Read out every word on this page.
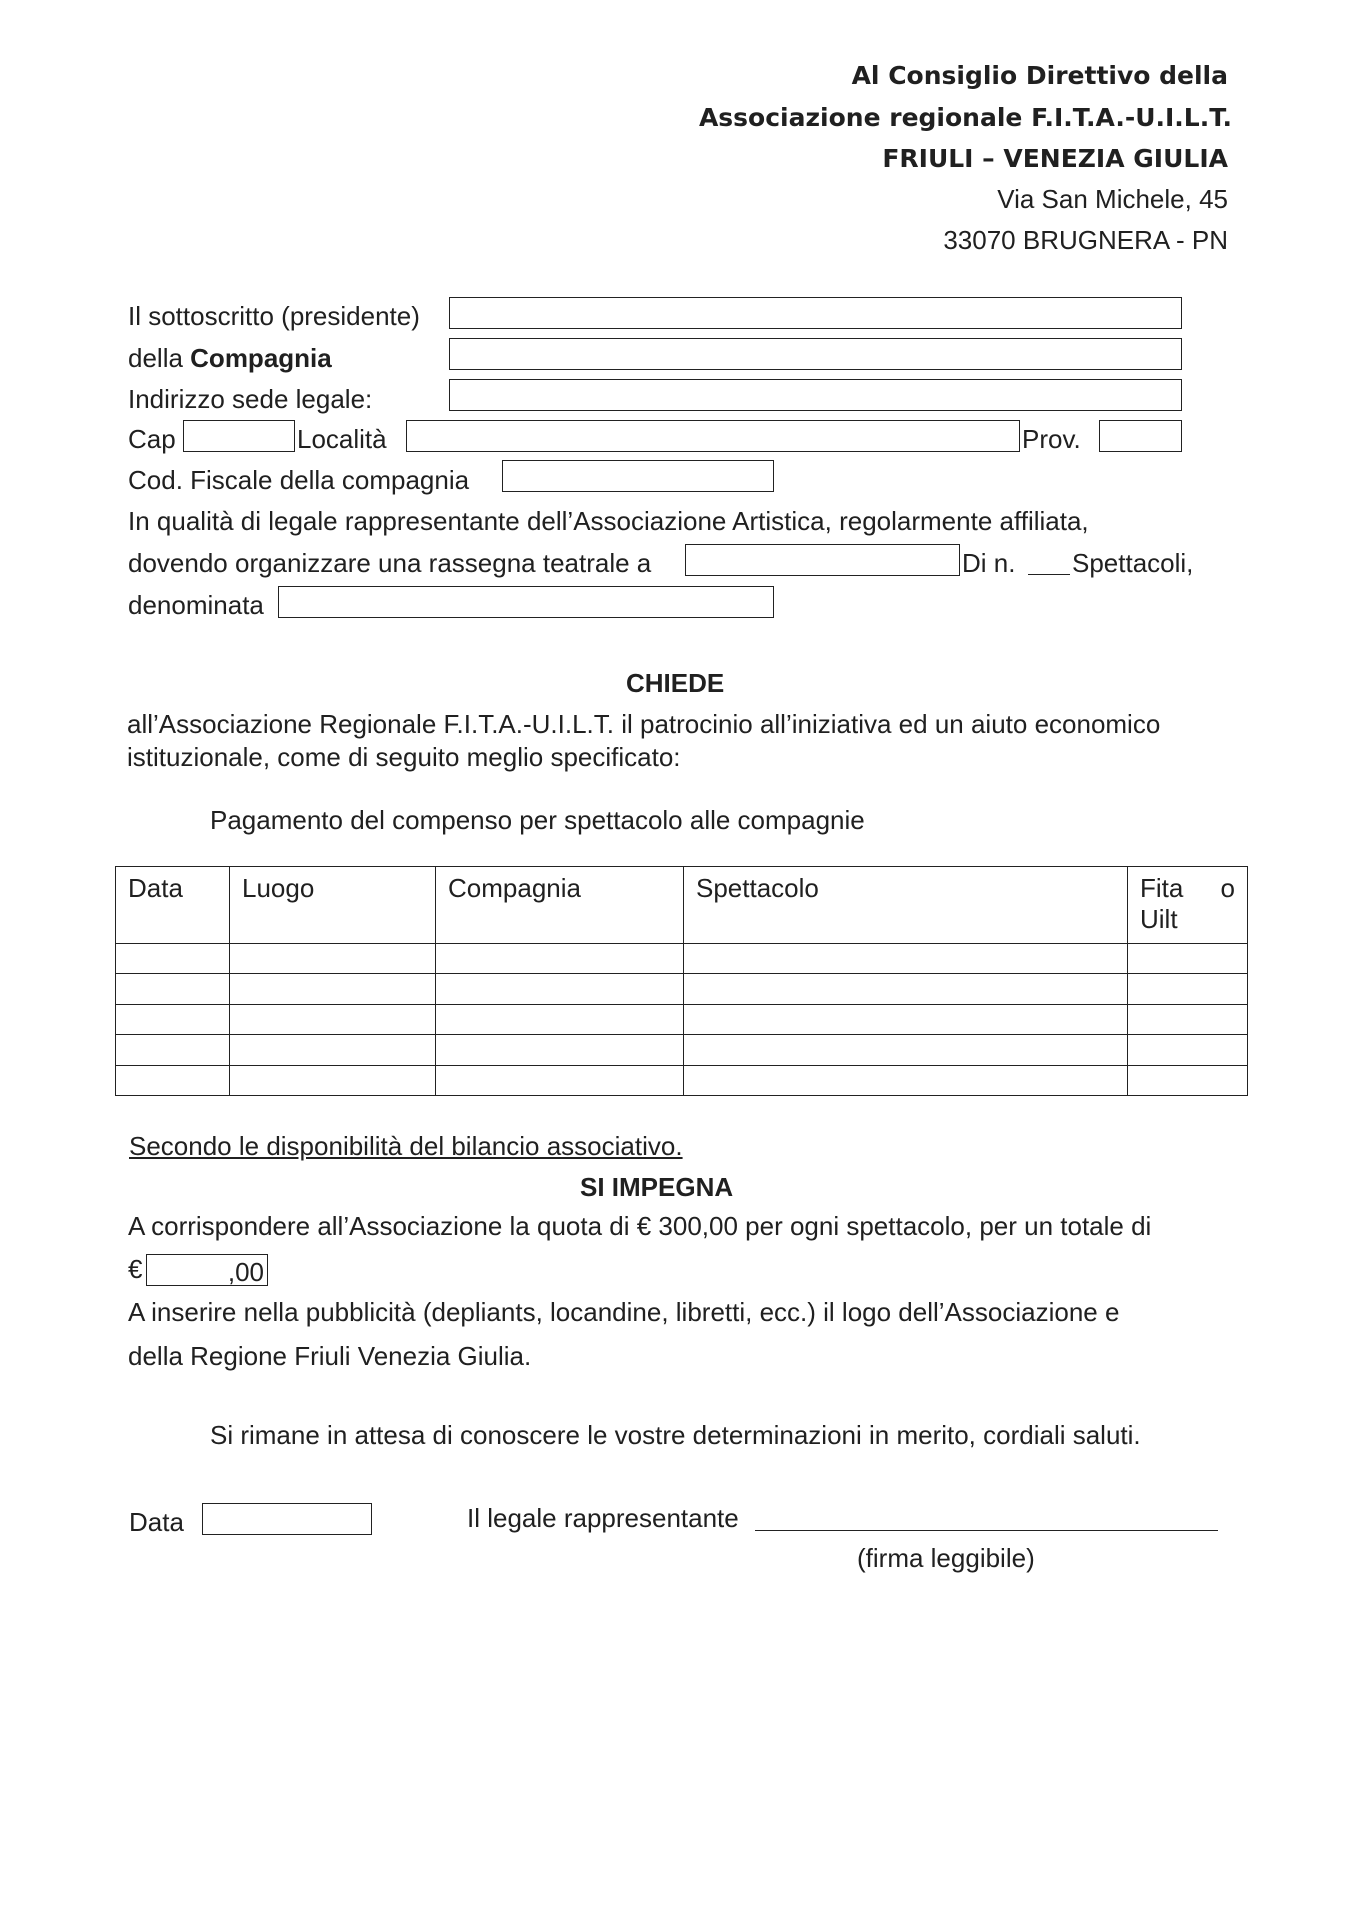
Al Consiglio Direttivo della
Associazione regionale F.I.T.A.-U.I.L.T.
FRIULI – VENEZIA GIULIA
Via San Michele, 45
33070 BRUGNERA - PN
Il sottoscritto (presidente)
della Compagnia
Indirizzo sede legale:
Cap	Località	Prov.
Cod. Fiscale della compagnia
In qualità di legale rappresentante dell’Associazione Artistica, regolarmente affiliata,
dovendo organizzare una rassegna teatrale a	Di n. Spettacoli,
denominata
CHIEDE
all’Associazione Regionale F.I.T.A.-U.I.L.T. il patrocinio all’iniziativa ed un aiuto economico
istituzionale, come di seguito meglio specificato:
Pagamento del compenso per spettacolo alle compagnie
Data	Luogo	Compagnia	Spettacolo	Fita o
Uilt

Secondo le disponibilità del bilancio associativo.
SI IMPEGNA
A corrispondere all’Associazione la quota di € 300,00 per ogni spettacolo, per un totale di
€	,00
A inserire nella pubblicità (depliants, locandine, libretti, ecc.) il logo dell’Associazione e
della Regione Friuli Venezia Giulia.
Si rimane in attesa di conoscere le vostre determinazioni in merito, cordiali saluti.
Data	Il legale rappresentante
(firma leggibile)
